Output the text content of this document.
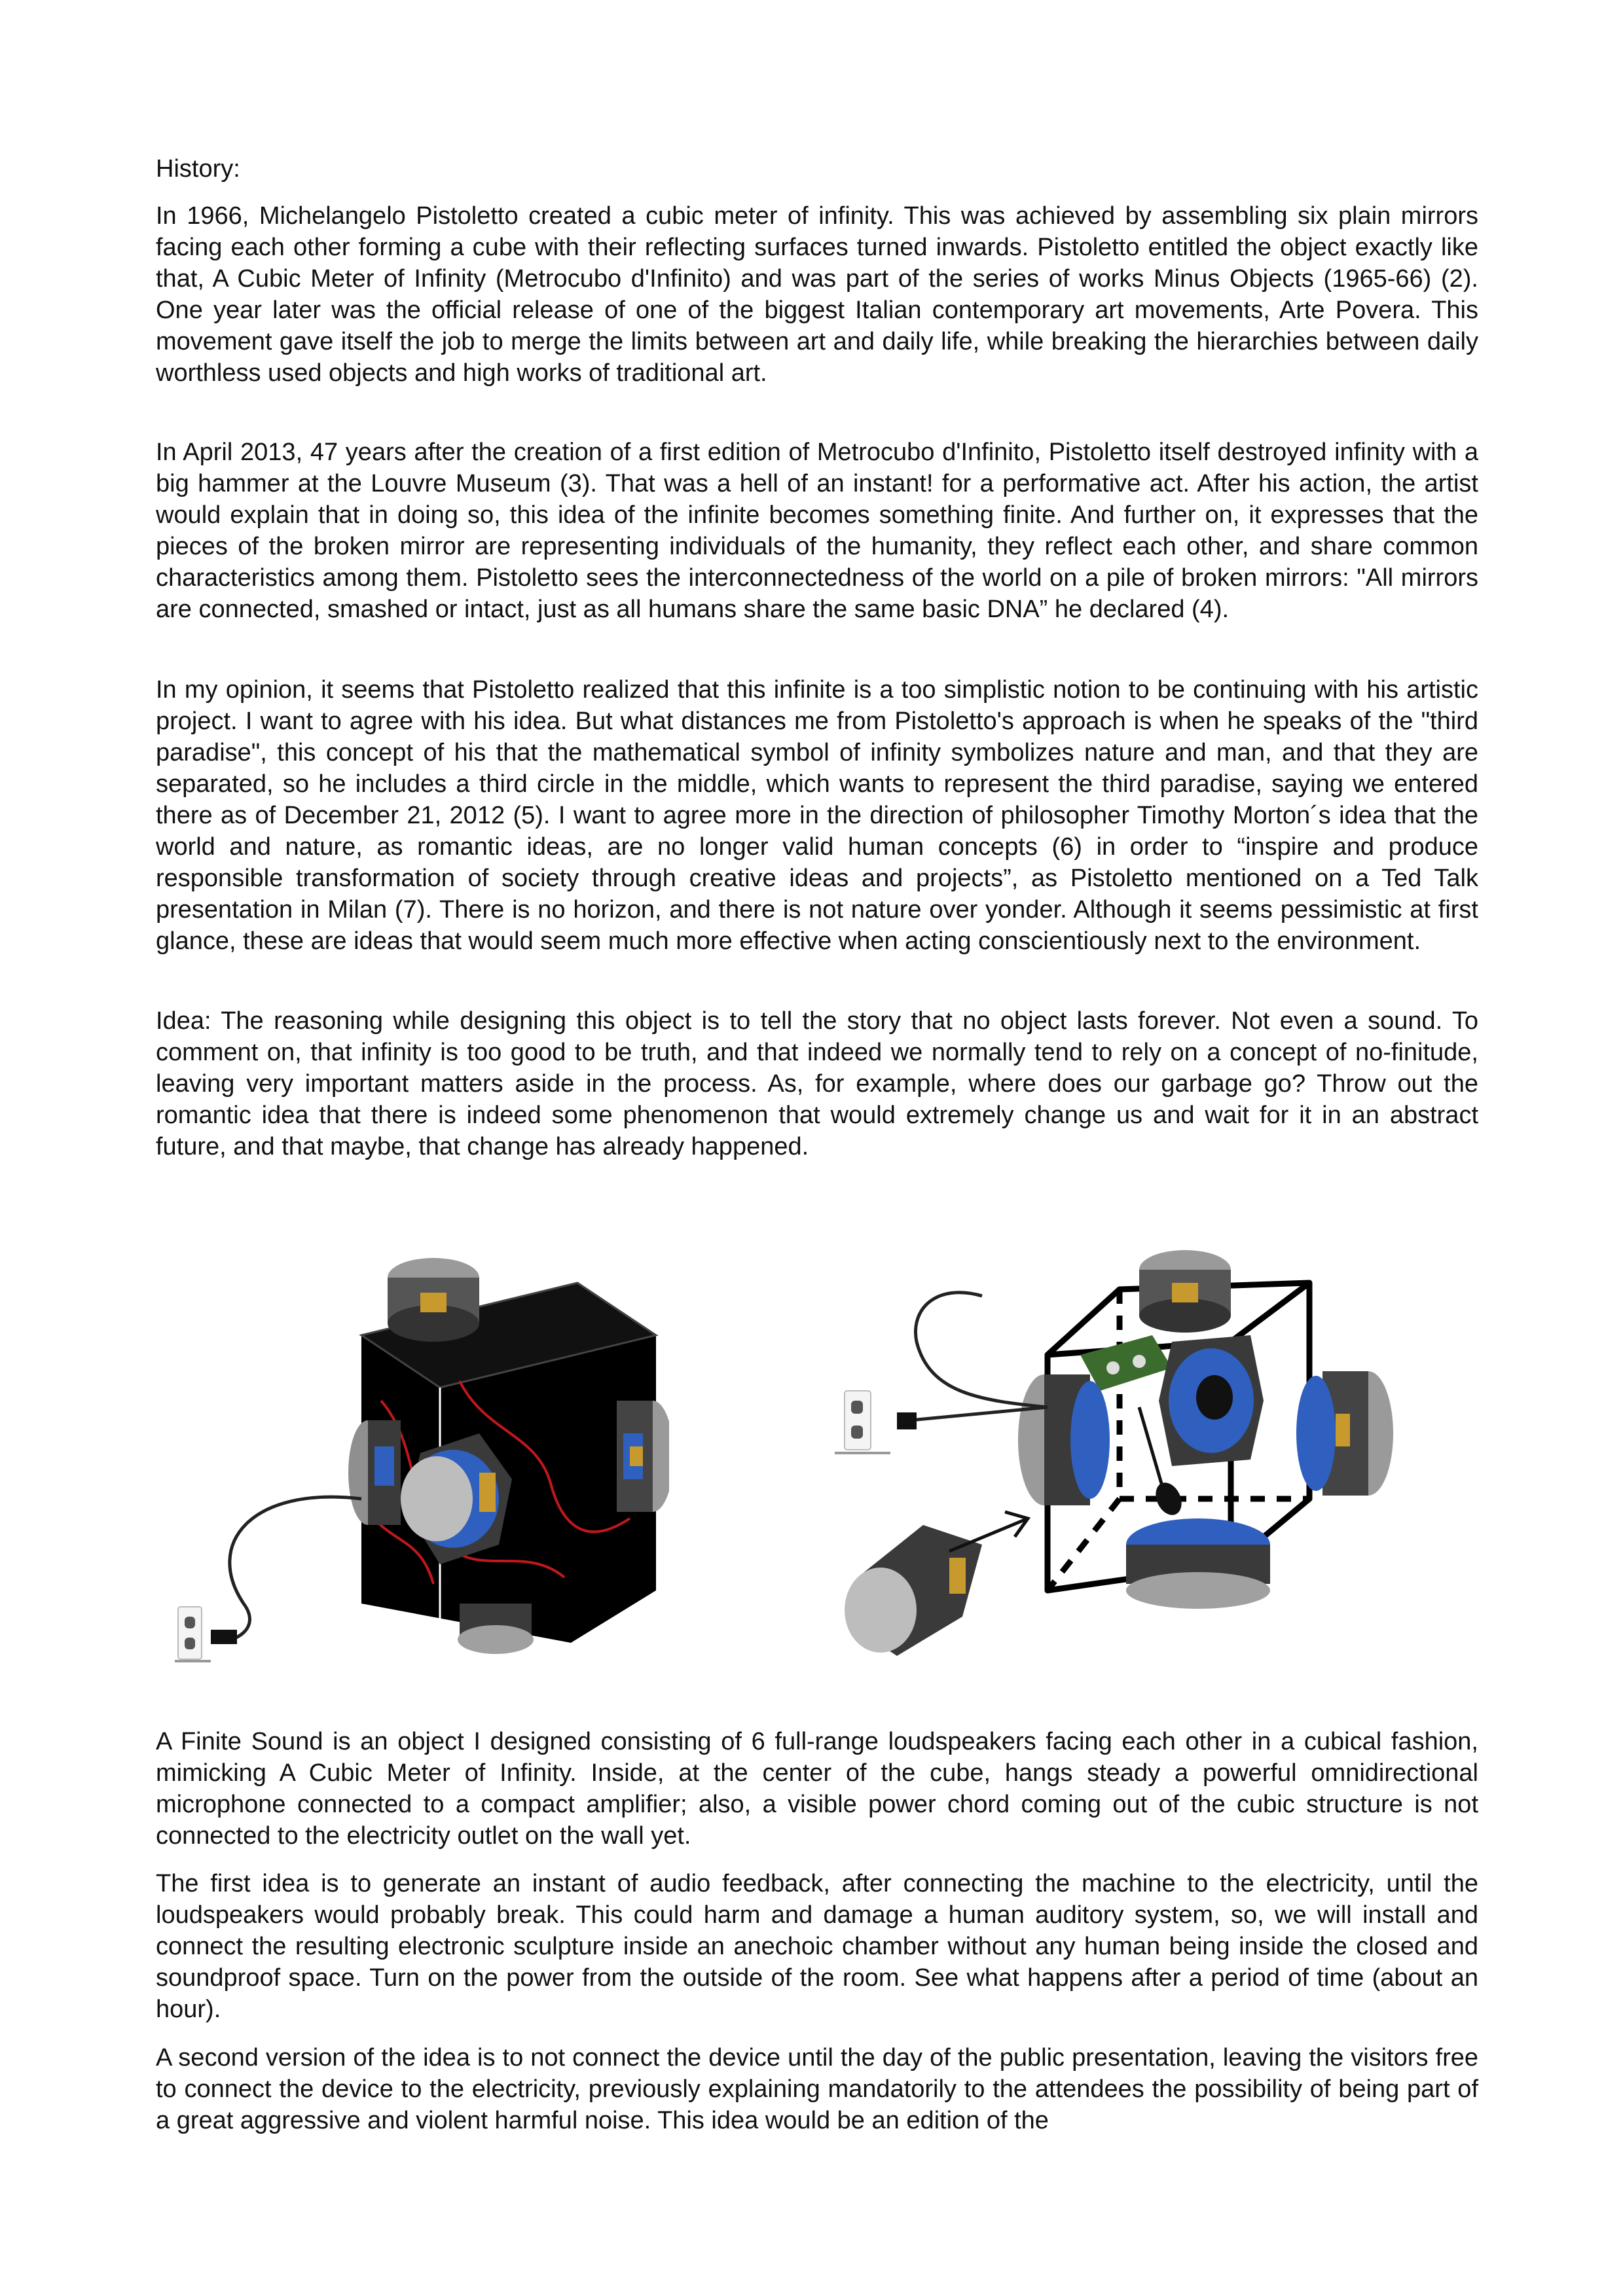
History:
In 1966, Michelangelo Pistoletto created a cubic meter of infinity. This was achieved by assembling six plain mirrors facing each other forming a cube with their reflecting surfaces turned inwards. Pistoletto entitled the object exactly like that, A Cubic Meter of Infinity (Metrocubo d'Infinito) and was part of the series of works Minus Objects (1965-66) (2). One year later was the official release of one of the biggest Italian contemporary art movements, Arte Povera. This movement gave itself the job to merge the limits between art and daily life, while breaking the hierarchies between daily worthless used objects and high works of traditional art.
In April 2013, 47 years after the creation of a first edition of Metrocubo d'Infinito, Pistoletto itself destroyed infinity with a big hammer at the Louvre Museum (3). That was a hell of an instant! for a performative act. After his action, the artist would explain that in doing so, this idea of the infinite becomes something finite. And further on, it expresses that the pieces of the broken mirror are representing individuals of the humanity, they reflect each other, and share common characteristics among them. Pistoletto sees the interconnectedness of the world on a pile of broken mirrors: "All mirrors are connected, smashed or intact, just as all humans share the same basic DNA” he declared (4).
In my opinion, it seems that Pistoletto realized that this infinite is a too simplistic notion to be continuing with his artistic project. I want to agree with his idea. But what distances me from Pistoletto's approach is when he speaks of the "third paradise", this concept of his that the mathematical symbol of infinity symbolizes nature and man, and that they are separated, so he includes a third circle in the middle, which wants to represent the third paradise, saying we entered there as of December 21, 2012 (5). I want to agree more in the direction of philosopher Timothy Morton´s idea that the world and nature, as romantic ideas, are no longer valid human concepts (6) in order to “inspire and produce responsible transformation of society through creative ideas and projects”, as Pistoletto mentioned on a Ted Talk presentation in Milan (7). There is no horizon, and there is not nature over yonder. Although it seems pessimistic at first glance, these are ideas that would seem much more effective when acting conscientiously next to the environment.
Idea: The reasoning while designing this object is to tell the story that no object lasts forever. Not even a sound. To comment on, that infinity is too good to be truth, and that indeed we normally tend to rely on a concept of no-finitude, leaving very important matters aside in the process. As, for example, where does our garbage go? Throw out the romantic idea that there is indeed some phenomenon that would extremely change us and wait for it in an abstract future, and that maybe, that change has already happened.
A Finite Sound is an object I designed consisting of 6 full-range loudspeakers facing each other in a cubical fashion, mimicking A Cubic Meter of Infinity. Inside, at the center of the cube, hangs steady a powerful omnidirectional microphone connected to a compact amplifier; also, a visible power chord coming out of the cubic structure is not connected to the electricity outlet on the wall yet.
The first idea is to generate an instant of audio feedback, after connecting the machine to the electricity, until the loudspeakers would probably break. This could harm and damage a human auditory system, so, we will install and connect the resulting electronic sculpture inside an anechoic chamber without any human being inside the closed and soundproof space. Turn on the power from the outside of the room. See what happens after a period of time (about an hour).
A second version of the idea is to not connect the device until the day of the public presentation, leaving the visitors free to connect the device to the electricity, previously explaining mandatorily to the attendees the possibility of being part of a great aggressive and violent harmful noise. This idea would be an edition of the
